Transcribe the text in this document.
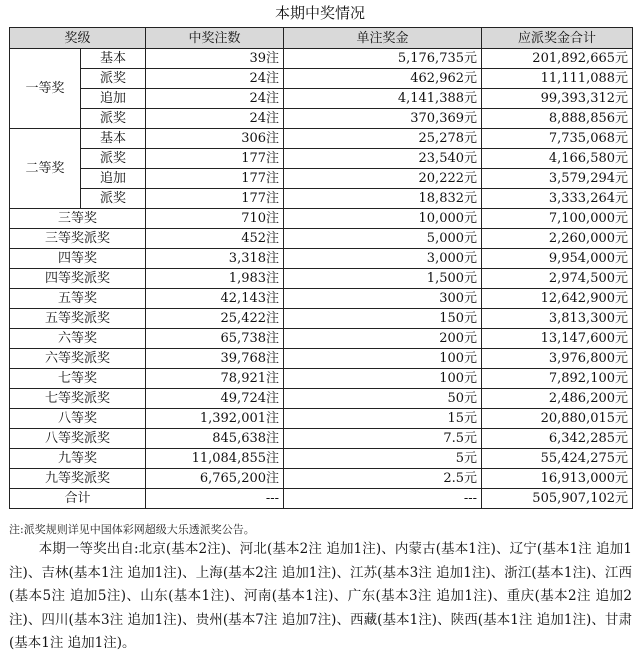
本期中奖情况
奖级		中奖注数	单注奖金	应派奖金合计
一等奖	基本	39注	5,176,735元	201,892,665元
	派奖	24注	462,962元	11,111,088元
	追加	24注	4,141,388元	99,393,312元
	派奖	24注	370,369元	8,888,856元
二等奖	基本	306注	25,278元	7,735,068元
	派奖	177注	23,540元	4,166,580元
	追加	177注	20,222元	3,579,294元
	派奖	177注	18,832元	3,333,264元
三等奖		710注	10,000元	7,100,000元
三等奖派奖		452注	5,000元	2,260,000元
四等奖		3,318注	3,000元	9,954,000元
四等奖派奖		1,983注	1,500元	2,974,500元
五等奖		42,143注	300元	12,642,900元
五等奖派奖		25,422注	150元	3,813,300元
六等奖		65,738注	200元	13,147,600元
六等奖派奖		39,768注	100元	3,976,800元
七等奖		78,921注	100元	7,892,100元
七等奖派奖		49,724注	50元	2,486,200元
八等奖		1,392,001注	15元	20,880,015元
八等奖派奖		845,638注	7.5元	6,342,285元
九等奖		11,084,855注	5元	55,424,275元
九等奖派奖		6,765,200注	2.5元	16,913,000元
合计		---	---	505,907,102元
注:派奖规则详见中国体彩网超级大乐透派奖公告。
本期一等奖出自:北京(基本2注)、河北(基本2注 追加1注)、内蒙古(基本1注)、辽宁(基本1注 追加1注)、吉林(基本1注 追加1注)、上海(基本2注 追加1注)、江苏(基本3注 追加1注)、浙江(基本1注)、江西(基本5注 追加5注)、山东(基本1注)、河南(基本1注)、广东(基本3注 追加1注)、重庆(基本2注 追加2注)、四川(基本3注 追加1注)、贵州(基本7注 追加7注)、西藏(基本1注)、陕西(基本1注 追加1注)、甘肃(基本1注 追加1注)。
